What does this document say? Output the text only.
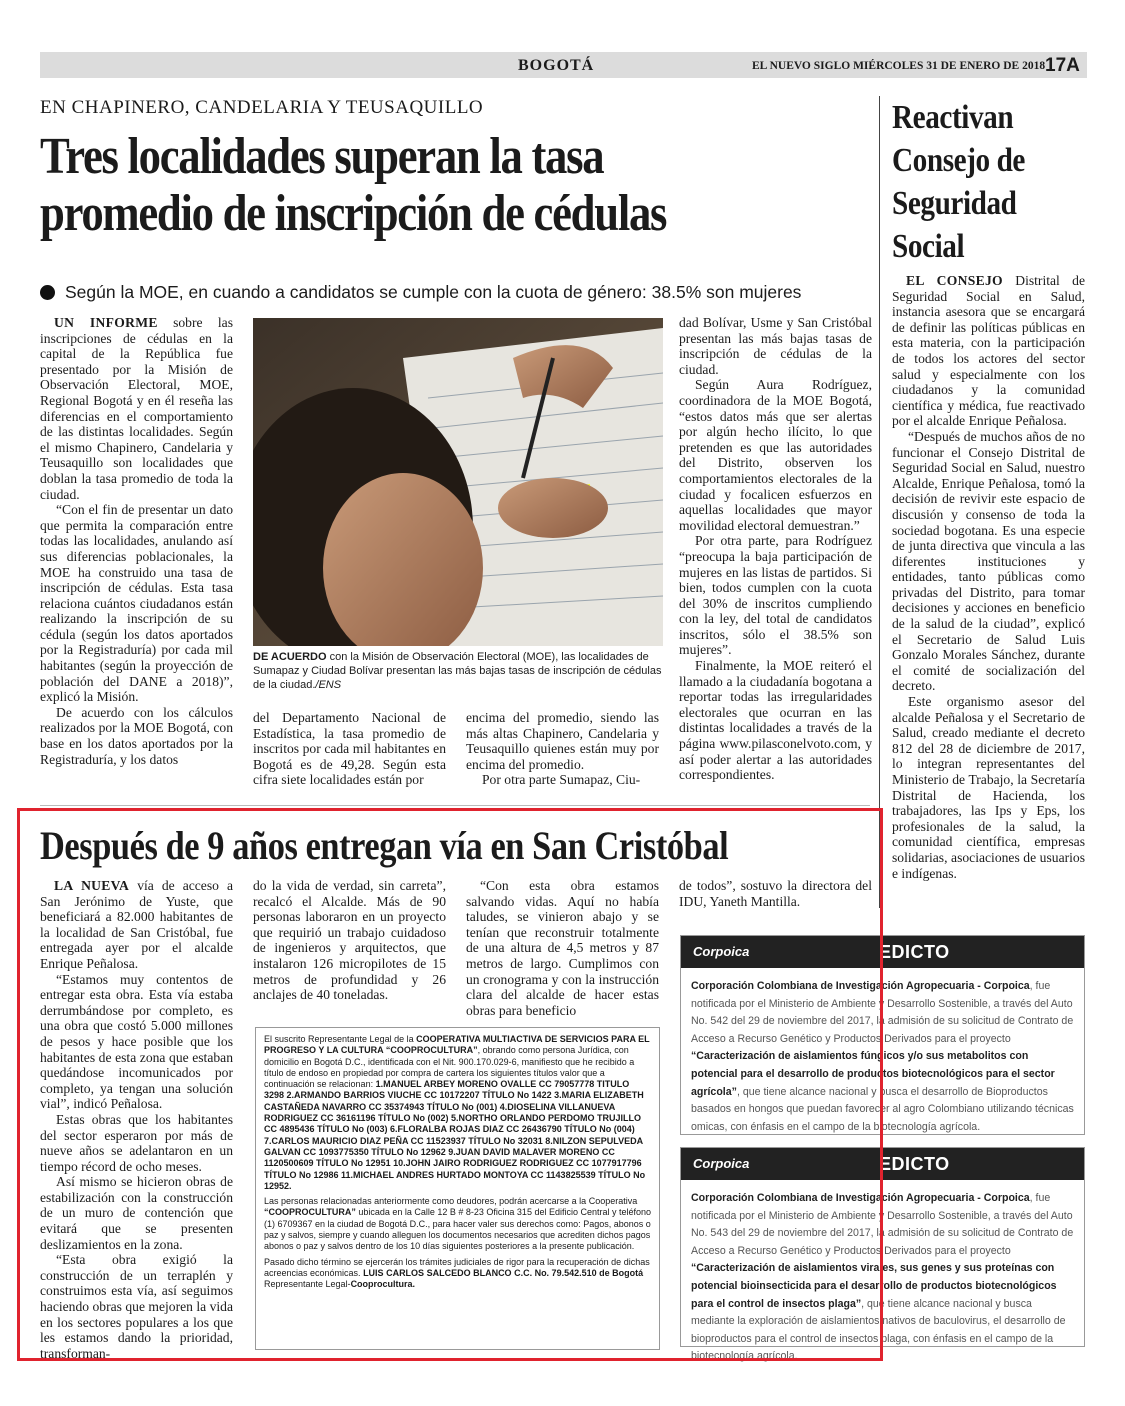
BOGOTÁ	EL NUEVO SIGLO MIÉRCOLES 31 DE ENERO DE 2018 17A
EN CHAPINERO, CANDELARIA Y TEUSAQUILLO
Tres localidades superan la tasa promedio de inscripción de cédulas
Según la MOE, en cuando a candidatos se cumple con la cuota de género: 38.5% son mujeres

UN INFORME sobre las inscripciones de cédulas en la capital de la República fue presentado por la Misión de Observación Electoral, MOE, Regional Bogotá y en él reseña las diferencias en el comportamiento de las distintas localidades. Según el mismo Chapinero, Candelaria y Teusaquillo son localidades que doblan la tasa promedio de toda la ciudad.

“Con el fin de presentar un dato que permita la comparación entre todas las localidades, anulando así sus diferencias poblacionales, la MOE ha construido una tasa de inscripción de cédulas. Esta tasa relaciona cuántos ciudadanos están realizando la inscripción de su cédula (según los datos aportados por la Registraduría) por cada mil habitantes (según la proyección de población del DANE a 2018)”, explicó la Misión.

De acuerdo con los cálculos realizados por la MOE Bogotá, con base en los datos aportados por la Registraduría, y los datos

DE ACUERDO con la Misión de Observación Electoral (MOE), las localidades de Sumapaz y Ciudad Bolívar presentan las más bajas tasas de inscripción de cédulas de la ciudad./ENS

del Departamento Nacional de Estadística, la tasa promedio de inscritos por cada mil habitantes en Bogotá es de 49,28. Según esta cifra siete localidades están por

encima del promedio, siendo las más altas Chapinero, Candelaria y Teusaquillo quienes están muy por encima del promedio.

Por otra parte Sumapaz, Ciu-

dad Bolívar, Usme y San Cristóbal presentan las más bajas tasas de inscripción de cédulas de la ciudad.

Según Aura Rodríguez, coordinadora de la MOE Bogotá, “estos datos más que ser alertas por algún hecho ilícito, lo que pretenden es que las autoridades del Distrito, observen los comportamientos electorales de la ciudad y focalicen esfuerzos en aquellas localidades que mayor movilidad electoral demuestran.”

Por otra parte, para Rodríguez “preocupa la baja participación de mujeres en las listas de partidos. Si bien, todos cumplen con la cuota del 30% de inscritos cumpliendo con la ley, del total de candidatos inscritos, sólo el 38.5% son mujeres”.

Finalmente, la MOE reiteró el llamado a la ciudadanía bogotana a reportar todas las irregularidades electorales que ocurran en las distintas localidades a través de la página www.pilasconelvoto.com, y así poder alertar a las autoridades correspondientes.

Reactivan Consejo de Seguridad Social

EL CONSEJO Distrital de Seguridad Social en Salud, instancia asesora que se encargará de definir las políticas públicas en esta materia, con la participación de todos los actores del sector salud y especialmente con los ciudadanos y la comunidad científica y médica, fue reactivado por el alcalde Enrique Peñalosa.

“Después de muchos años de no funcionar el Consejo Distrital de Seguridad Social en Salud, nuestro Alcalde, Enrique Peñalosa, tomó la decisión de revivir este espacio de discusión y consenso de toda la sociedad bogotana. Es una especie de junta directiva que vincula a las diferentes instituciones y entidades, tanto públicas como privadas del Distrito, para tomar decisiones y acciones en beneficio de la salud de la ciudad”, explicó el Secretario de Salud Luis Gonzalo Morales Sánchez, durante el comité de socialización del decreto.

Este organismo asesor del alcalde Peñalosa y el Secretario de Salud, creado mediante el decreto 812 del 28 de diciembre de 2017, lo integran representantes del Ministerio de Trabajo, la Secretaría Distrital de Hacienda, los trabajadores, las Ips y Eps, los profesionales de la salud, la comunidad científica, empresas solidarias, asociaciones de usuarios e indígenas.

Después de 9 años entregan vía en San Cristóbal

LA NUEVA vía de acceso a San Jerónimo de Yuste, que beneficiará a 82.000 habitantes de la localidad de San Cristóbal, fue entregada ayer por el alcalde Enrique Peñalosa.

“Estamos muy contentos de entregar esta obra. Esta vía estaba derrumbándose por completo, es una obra que costó 5.000 millones de pesos y hace posible que los habitantes de esta zona que estaban quedándose incomunicados por completo, ya tengan una solución vial”, indicó Peñalosa.

Estas obras que los habitantes del sector esperaron por más de nueve años se adelantaron en un tiempo récord de ocho meses.

Así mismo se hicieron obras de estabilización con la construcción de un muro de contención que evitará que se presenten deslizamientos en la zona.

“Esta obra exigió la construcción de un terraplén y construimos esta vía, así seguimos haciendo obras que mejoren la vida en los sectores populares a los que les estamos dando la prioridad, transforman-

do la vida de verdad, sin carreta”, recalcó el Alcalde. Más de 90 personas laboraron en un proyecto que requirió un trabajo cuidadoso de ingenieros y arquitectos, que instalaron 126 micropilotes de 15 metros de profundidad y 26 anclajes de 40 toneladas.

“Con esta obra estamos salvando vidas. Aquí no había taludes, se vinieron abajo y se tenían que reconstruir totalmente de una altura de 4,5 metros y 87 metros de largo. Cumplimos con un cronograma y con la instrucción clara del alcalde de hacer estas obras para beneficio

de todos”, sostuvo la directora del IDU, Yaneth Mantilla.

El suscrito Representante Legal de la COOPERATIVA MULTIACTIVA DE SERVICIOS PARA EL PROGRESO Y LA CULTURA “COOPROCULTURA”, obrando como persona Jurídica, con domicilio en Bogotá D.C., identificada con el Nit. 900.170.029-6, manifiesto que he recibido a título de endoso en propiedad por compra de cartera los siguientes títulos valor que a continuación se relacionan: 1.MANUEL ARBEY MORENO OVALLE CC 79057778 TITULO 3298 2.ARMANDO BARRIOS VIUCHE CC 10172207 TÍTULO No 1422 3.MARIA ELIZABETH CASTAÑEDA NAVARRO CC 35374943 TÍTULO No (001) 4.DIOSELINA VILLANUEVA RODRIGUEZ CC 36161196 TÍTULO No (002) 5.NORTHO ORLANDO PERDOMO TRUJILLO CC 4895436 TÍTULO No (003) 6.FLORALBA ROJAS DIAZ CC 26436790 TÍTULO No (004) 7.CARLOS MAURICIO DIAZ PEÑA CC 11523937 TÍTULO No 32031 8.NILZON SEPULVEDA GALVAN CC 1093775350 TÍTULO No 12962 9.JUAN DAVID MALAVER MORENO CC 1120500609 TÍTULO No 12951 10.JOHN JAIRO RODRIGUEZ RODRIGUEZ CC 1077917796 TÍTULO No 12986 11.MICHAEL ANDRES HURTADO MONTOYA CC 1143825539 TÍTULO No 12952.

Las personas relacionadas anteriormente como deudores, podrán acercarse a la Cooperativa “COOPROCULTURA” ubicada en la Calle 12 B # 8-23 Oficina 315 del Edificio Central y teléfono (1) 6709367 en la ciudad de Bogotá D.C., para hacer valer sus derechos como: Pagos, abonos o paz y salvos, siempre y cuando alleguen los documentos necesarios que acrediten dichos pagos abonos o paz y salvos dentro de los 10 días siguientes posteriores a la presente publicación.

Pasado dicho término se ejercerán los trámites judiciales de rigor para la recuperación de dichas acreencias económicas. LUIS CARLOS SALCEDO BLANCO C.C. No. 79.542.510 de Bogotá Representante Legal-Cooprocultura.

Corpoica	EDICTO
Corporación Colombiana de Investigación Agropecuaria - Corpoica, fue notificada por el Ministerio de Ambiente y Desarrollo Sostenible, a través del Auto No. 542 del 29 de noviembre del 2017, la admisión de su solicitud de Contrato de Acceso a Recurso Genético y Productos Derivados para el proyecto “Caracterización de aislamientos fúngicos y/o sus metabolitos con potencial para el desarrollo de productos biotecnológicos para el sector agrícola”, que tiene alcance nacional y busca el desarrollo de Bioproductos basados en hongos que puedan favorecer al agro Colombiano utilizando técnicas omicas, con énfasis en el campo de la biotecnología agrícola.
Corpoica	EDICTO
Corporación Colombiana de Investigación Agropecuaria - Corpoica, fue notificada por el Ministerio de Ambiente y Desarrollo Sostenible, a través del Auto No. 543 del 29 de noviembre del 2017, la admisión de su solicitud de Contrato de Acceso a Recurso Genético y Productos Derivados para el proyecto “Caracterización de aislamientos virales, sus genes y sus proteínas con potencial bioinsecticida para el desarrollo de productos biotecnológicos para el control de insectos plaga”, que tiene alcance nacional y busca mediante la exploración de aislamientos nativos de baculovirus, el desarrollo de bioproductos para el control de insectos plaga, con énfasis en el campo de la biotecnología agrícola.
